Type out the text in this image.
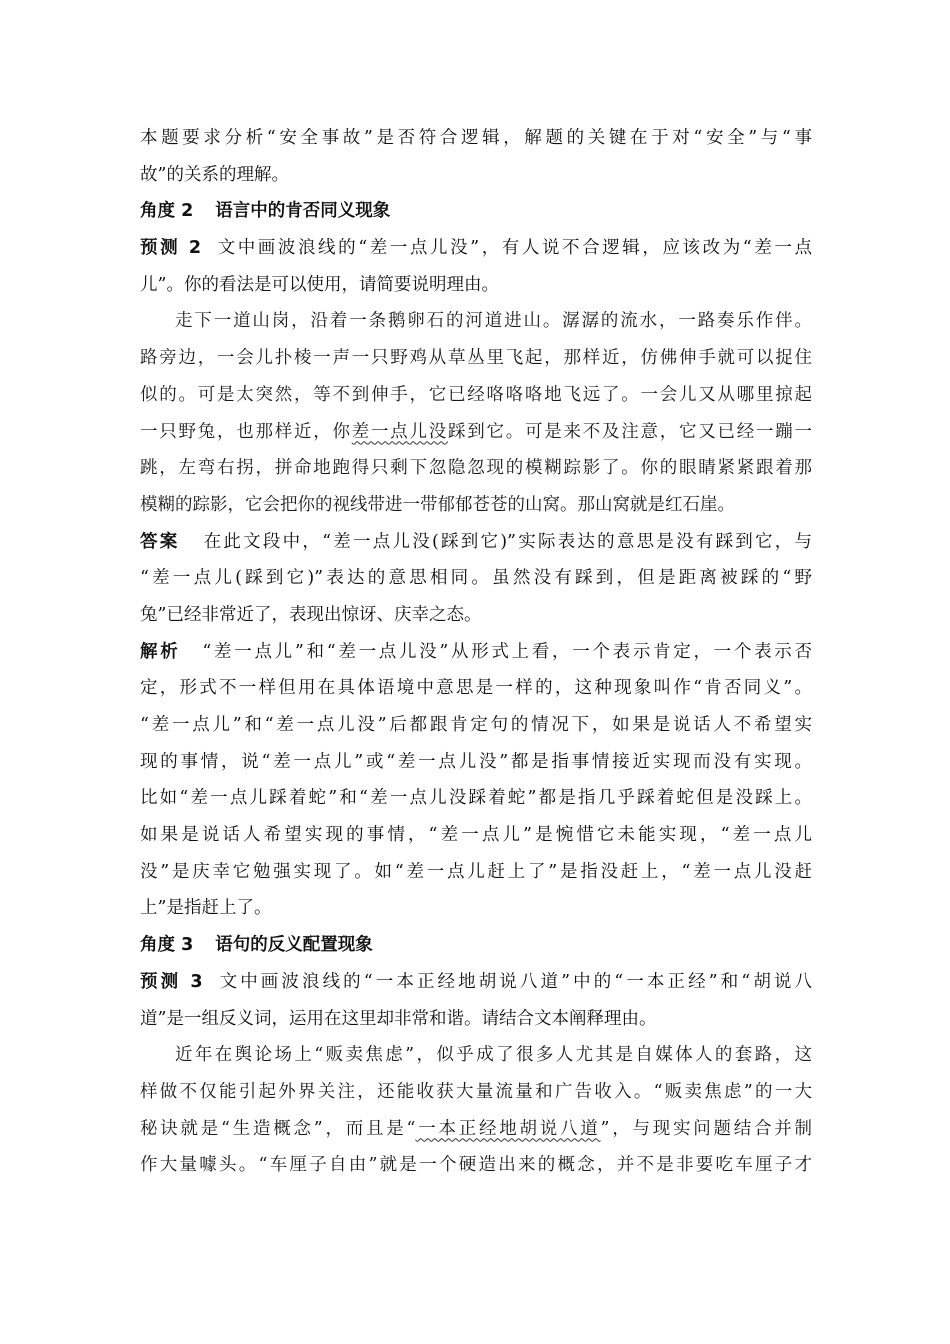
本题要求分析“安全事故”是否符合逻辑，解题的关键在于对“安全”与“事
故”的关系的理解。
角度 2 语言中的肯否同义现象
预测 2 文中画波浪线的“差一点儿没”，有人说不合逻辑，应该改为“差一点
儿”。你的看法是可以使用，请简要说明理由。
走下一道山岗，沿着一条鹅卵石的河道进山。潺潺的流水，一路奏乐作伴。
路旁边，一会儿扑棱一声一只野鸡从草丛里飞起，那样近，仿佛伸手就可以捉住
似的。可是太突然，等不到伸手，它已经咯咯咯地飞远了。一会儿又从哪里掠起
一只野兔，也那样近，你差一点儿没踩到它。可是来不及注意，它又已经一蹦一
跳，左弯右拐，拼命地跑得只剩下忽隐忽现的模糊踪影了。你的眼睛紧紧跟着那
模糊的踪影，它会把你的视线带进一带郁郁苍苍的山窝。那山窝就是红石崖。
答案 在此文段中，“差一点儿没(踩到它)”实际表达的意思是没有踩到它，与
“差一点儿(踩到它)”表达的意思相同。虽然没有踩到，但是距离被踩的“野
兔”已经非常近了，表现出惊讶、庆幸之态。
解析 “差一点儿”和“差一点儿没”从形式上看，一个表示肯定，一个表示否
定，形式不一样但用在具体语境中意思是一样的，这种现象叫作“肯否同义”。
“差一点儿”和“差一点儿没”后都跟肯定句的情况下，如果是说话人不希望实
现的事情，说“差一点儿”或“差一点儿没”都是指事情接近实现而没有实现。
比如“差一点儿踩着蛇”和“差一点儿没踩着蛇”都是指几乎踩着蛇但是没踩上。
如果是说话人希望实现的事情，“差一点儿”是惋惜它未能实现，“差一点儿
没”是庆幸它勉强实现了。如“差一点儿赶上了”是指没赶上，“差一点儿没赶
上”是指赶上了。
角度 3 语句的反义配置现象
预测 3 文中画波浪线的“一本正经地胡说八道”中的“一本正经”和“胡说八
道”是一组反义词，运用在这里却非常和谐。请结合文本阐释理由。
近年在舆论场上“贩卖焦虑”，似乎成了很多人尤其是自媒体人的套路，这
样做不仅能引起外界关注，还能收获大量流量和广告收入。“贩卖焦虑”的一大
秘诀就是“生造概念”，而且是“一本正经地胡说八道”，与现实问题结合并制
作大量噱头。“车厘子自由”就是一个硬造出来的概念，并不是非要吃车厘子才
